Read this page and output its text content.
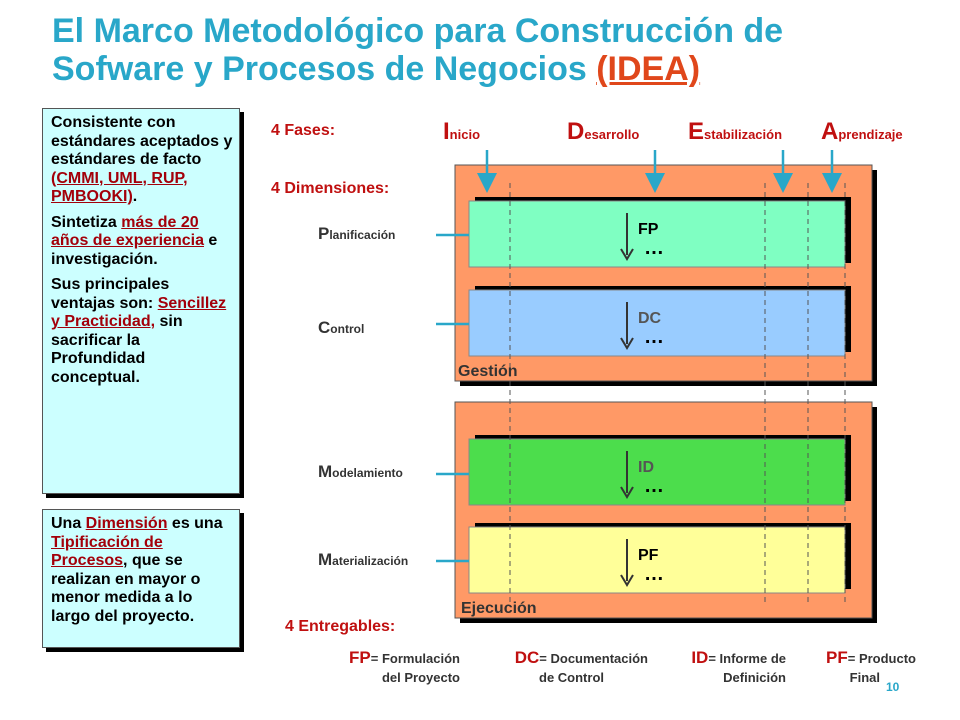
El Marco Metodológico para Construcción de
Sofware y Procesos de Negocios (IDEA)

Consistente con estándares aceptados y estándares de facto (CMMI, UML, RUP, PMBOOKI).

Sintetiza más de 20 años de experiencia e investigación.

Sus principales ventajas son: Sencillez y Practicidad, sin sacrificar la Profundidad conceptual.

Una Dimensión es una Tipificación de Procesos, que se realizan en mayor o menor medida a lo largo del proyecto.

FP
…
DC
…
ID
…
PF
…
Gestión
Ejecución
4 Fases:
4 Dimensiones:
4 Entregables:
Inicio	Desarrollo Estabilización Aprendizaje
Planificación
Control
Modelamiento
Materialización
FP= Formulación
del Proyecto
DC= Documentación
de Control
ID= Informe de
Definición
PF= Producto
Final
10
